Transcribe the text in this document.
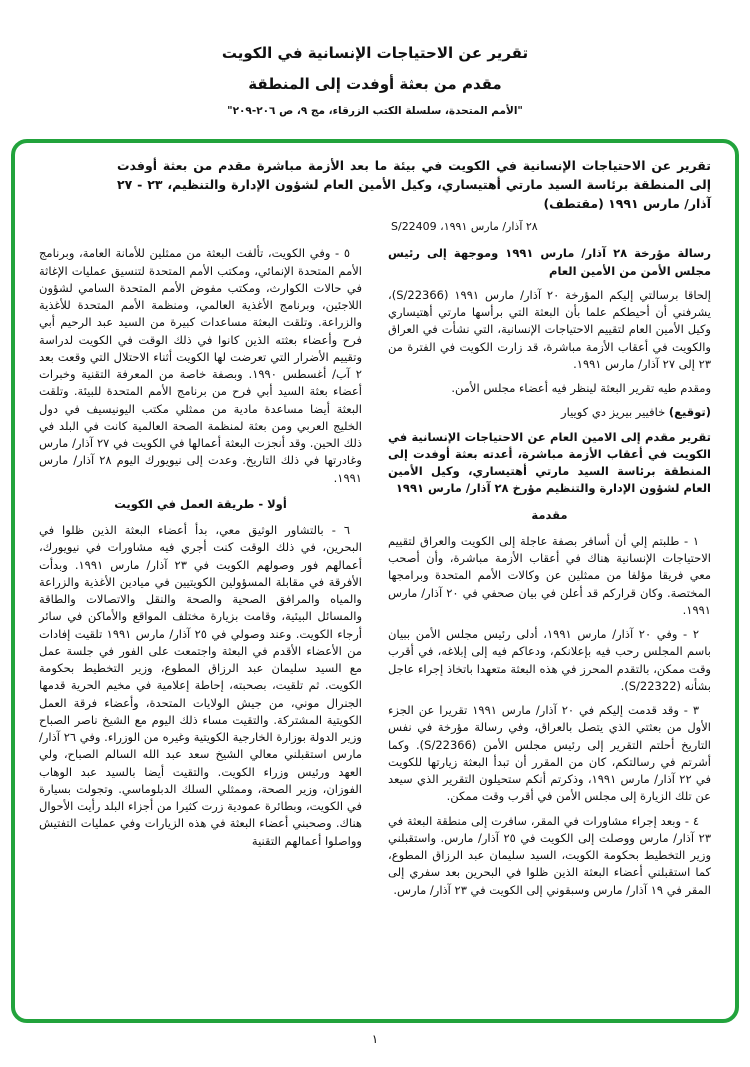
تقرير عن الاحتياجات الإنسانية في الكويت
مقدم من بعثة أوفدت إلى المنطقة
"الأمم المتحدة، سلسلة الكتب الزرقاء، مج ٩، ص ٢٠٦-٢٠٩"
تقرير عن الاحتياجات الإنسانية في الكويت في بيئة ما بعد الأزمة مباشرة مقدم من بعثة أوفدت إلى المنطقة برئاسة السيد مارتي أهتيساري، وكيل الأمين العام لشؤون الإدارة والتنظيم، ٢٣ - ٢٧ آذار/ مارس ١٩٩١ (مقتطف)
٢٨ آذار/ مارس ١٩٩١، S/22409

رسالة مؤرخة ٢٨ آذار/ مارس ١٩٩١ وموجهة إلى رئيس مجلس الأمن من الأمين العام

إلحاقا برسالتي إليكم المؤرخة ٢٠ آذار/ مارس ١٩٩١ (S/22366)، يشرفني أن أحيطكم علما بأن البعثة التي برأسها مارتي أهتيساري وكيل الأمين العام لتقييم الاحتياجات الإنسانية، التي نشأت في العراق والكويت في أعقاب الأزمة مباشرة، قد زارت الكويت في الفترة من ٢٣ إلى ٢٧ آذار/ مارس ١٩٩١.

ومقدم طيه تقرير البعثة لينظر فيه أعضاء مجلس الأمن.

(توقيع) خافيير بيريز دي كوييار

تقرير مقدم إلى الامين العام عن الاحتياجات الإنسانية في الكويت في أعقاب الأزمة مباشرة، أعدته بعثة أوفدت إلى المنطقة برئاسة السيد مارتي أهتيساري، وكيل الأمين العام لشؤون الإدارة والتنظيم مؤرخ ٢٨ آذار/ مارس ١٩٩١

مقدمة

١ - طلبتم إلي أن أسافر بصفة عاجلة إلى الكويت والعراق لتقييم الاحتياجات الإنسانية هناك في أعقاب الأزمة مباشرة، وأن أصحب معي فريقا مؤلفا من ممثلين عن وكالات الأمم المتحدة وبرامجها المختصة. وكان قراركم قد أعلن في بيان صحفي في ٢٠ آذار/ مارس ١٩٩١.

٢ - وفي ٢٠ آذار/ مارس ١٩٩١، أدلى رئيس مجلس الأمن ببيان باسم المجلس رحب فيه بإعلانكم، ودعاكم فيه إلى إبلاغه، في أقرب وقت ممكن، بالتقدم المحرز في هذه البعثة متعهدا باتخاذ إجراء عاجل بشأنه (S/22322).

٣ - وقد قدمت إليكم في ٢٠ آذار/ مارس ١٩٩١ تقريرا عن الجزء الأول من بعثتي الذي يتصل بالعراق، وفي رسالة مؤرخة في نفس التاريخ أحلتم التقرير إلى رئيس مجلس الأمن (S/22366). وكما أشرتم في رسالتكم، كان من المقرر أن تبدأ البعثة زيارتها للكويت في ٢٢ آذار/ مارس ١٩٩١، وذكرتم أنكم ستحيلون التقرير الذي سيعد عن تلك الزيارة إلى مجلس الأمن في أقرب وقت ممكن.

٤ - وبعد إجراء مشاورات في المقر، سافرت إلى منطقة البعثة في ٢٣ آذار/ مارس ووصلت إلى الكويت في ٢٥ آذار/ مارس. واستقبلني وزير التخطيط بحكومة الكويت، السيد سليمان عبد الرزاق المطوع، كما استقبلني أعضاء البعثة الذين ظلوا في البحرين بعد سفري إلى المقر في ١٩ آذار/ مارس وسبقوني إلى الكويت في ٢٣ آذار/ مارس.

٥ - وفي الكويت، تألفت البعثة من ممثلين للأمانة العامة، وبرنامج الأمم المتحدة الإنمائي، ومكتب الأمم المتحدة لتنسيق عمليات الإغاثة في حالات الكوارث، ومكتب مفوض الأمم المتحدة السامي لشؤون اللاجئين، وبرنامج الأغذية العالمي، ومنظمة الأمم المتحدة للأغذية والزراعة. وتلقت البعثة مساعدات كبيرة من السيد عبد الرحيم أبي فرح وأعضاء بعثته الذين كانوا في ذلك الوقت في الكويت لدراسة وتقييم الأضرار التي تعرضت لها الكويت أثناء الاحتلال التي وقعت بعد ٢ آب/ أغسطس ١٩٩٠. وبصفة خاصة من المعرفة التقنية وخبرات أعضاء بعثة السيد أبي فرح من برنامج الأمم المتحدة للبيئة. وتلقت البعثة أيضا مساعدة مادية من ممثلي مكتب اليونيسيف في دول الخليج العربي ومن بعثة لمنظمة الصحة العالمية كانت في البلد في ذلك الحين. وقد أنجزت البعثة أعمالها في الكويت في ٢٧ آذار/ مارس وغادرتها في ذلك التاريخ. وعدت إلى نيويورك اليوم ٢٨ آذار/ مارس ١٩٩١.

أولا - طريقة العمل في الكويت

٦ - بالتشاور الوثيق معي، بدأ أعضاء البعثة الذين ظلوا في البحرين، في ذلك الوقت كنت أجري فيه مشاورات في نيويورك، أعمالهم فور وصولهم الكويت في ٢٣ آذار/ مارس ١٩٩١. وبدأت الأفرقة في مقابلة المسؤولين الكويتيين في ميادين الأغذية والزراعة والمياه والمرافق الصحية والصحة والنقل والاتصالات والطاقة والمسائل البيئية، وقامت بزيارة مختلف المواقع والأماكن في سائر أرجاء الكويت. وعند وصولي في ٢٥ آذار/ مارس ١٩٩١ تلقيت إفادات من الأعضاء الأقدم في البعثة واجتمعت على الفور في جلسة عمل مع السيد سليمان عبد الرزاق المطوع، وزير التخطيط بحكومة الكويت. ثم تلقيت، بصحبته، إحاطة إعلامية في مخيم الحرية قدمها الجنرال موني، من جيش الولايات المتحدة، وأعضاء فرقة العمل الكويتية المشتركة. والتقيت مساء ذلك اليوم مع الشيخ ناصر الصباح وزير الدولة بوزارة الخارجية الكويتية وغيره من الوزراء. وفي ٢٦ آذار/ مارس استقبلني معالي الشيخ سعد عبد الله السالم الصباح، ولي العهد ورئيس وزراء الكويت. والتقيت أيضا بالسيد عبد الوهاب الفوزان، وزير الصحة، وممثلي السلك الدبلوماسي. وتجولت بسيارة في الكويت، وبطائرة عمودية زرت كثيرا من أجزاء البلد رأيت الأحوال هناك. وصحبني أعضاء البعثة في هذه الزيارات وفي عمليات التفتيش وواصلوا أعمالهم التقنية

١
